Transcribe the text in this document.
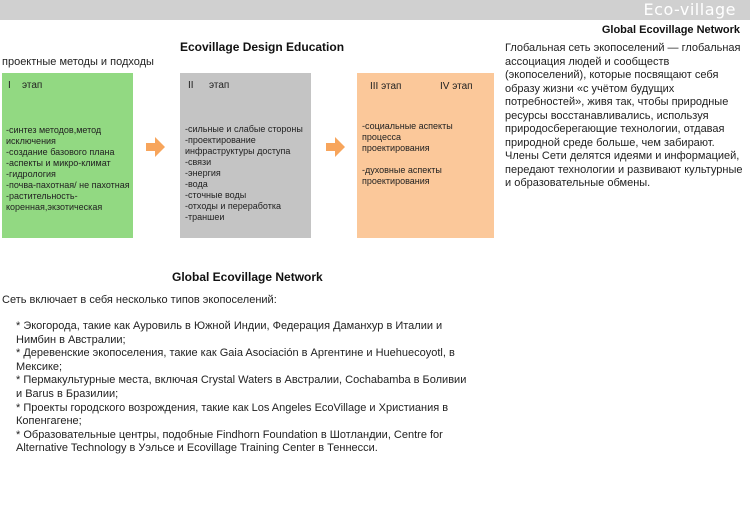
Eco-village
Ecovillage Design Education
проектные методы и подходы
I этап
-синтез методов,метод
исключения
-создание базового плана
-аспекты и микро-климат
-гидрология
-почва-пахотная/ не пахотная
-растительность-
коренная,экзотическая
II этап
-сильные и слабые стороны
-проектирование
инфраструктуры доступа
-связи
-энергия
-вода
-сточные воды
-отходы и переработка
-траншеи
III этап	IV этап
-социальные аспекты процесса
проектирования
-духовные аспекты
проектирования
Global Ecovillage Network
Глобальная сеть экопоселений — глобальная ассоциация людей и сообществ (экопоселений), которые посвящают себя образу жизни «с учётом будущих потребностей», живя так, чтобы природные ресурсы восстанавливались, используя природосберегающие технологии, отдавая природной среде больше, чем забирают. Члены Сети делятся идеями и информацией, передают технологии и развивают культурные и образовательные обмены.
Global Ecovillage Network
Сеть включает в себя несколько типов экопоселений:

* Экогорода, такие как Ауровиль в Южной Индии, Федерация Даманхур в Италии и Нимбин в Австралии;

* Деревенские экопоселения, такие как Gaia Asociación в Аргентине и Huehuecoyotl, в Мексике;

* Пермакультурные места, включая Crystal Waters в Австралии, Cochabamba в Боливии и Barus в Бразилии;

* Проекты городского возрождения, такие как Los Angeles EcoVillage и Христиания в Копенгагене;

* Образовательные центры, подобные Findhorn Foundation в Шотландии, Centre for Alternative Technology в Уэльсе и Ecovillage Training Center в Теннесси.
